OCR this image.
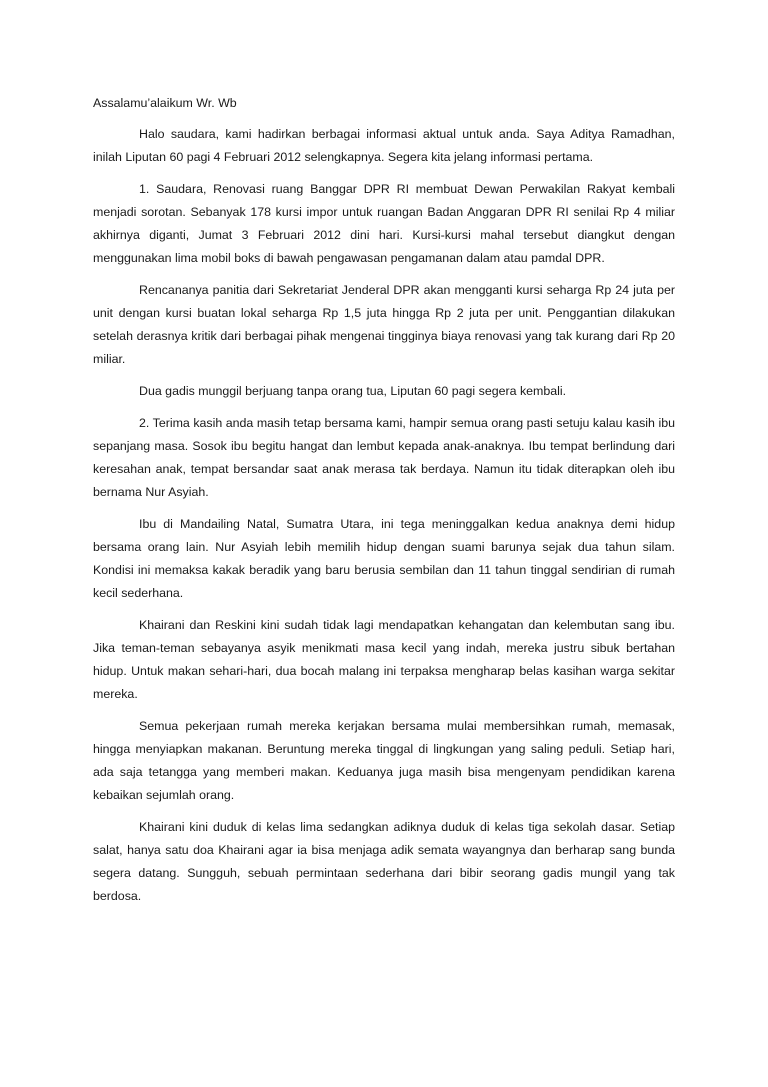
Assalamu’alaikum Wr. Wb

Halo saudara, kami hadirkan berbagai informasi aktual untuk anda. Saya Aditya Ramadhan, inilah Liputan 60 pagi 4 Februari 2012 selengkapnya. Segera kita jelang informasi pertama.

1. Saudara, Renovasi ruang Banggar DPR RI membuat Dewan Perwakilan Rakyat kembali menjadi sorotan. Sebanyak 178 kursi impor untuk ruangan Badan Anggaran DPR RI senilai Rp 4 miliar akhirnya diganti, Jumat 3 Februari 2012 dini hari. Kursi-kursi mahal tersebut diangkut dengan menggunakan lima mobil boks di bawah pengawasan pengamanan dalam atau pamdal DPR.

Rencananya panitia dari Sekretariat Jenderal DPR akan mengganti kursi seharga Rp 24 juta per unit dengan kursi buatan lokal seharga Rp 1,5 juta hingga Rp 2 juta per unit. Penggantian dilakukan setelah derasnya kritik dari berbagai pihak mengenai tingginya biaya renovasi yang tak kurang dari Rp 20 miliar.

Dua gadis munggil berjuang tanpa orang tua, Liputan 60 pagi segera kembali.

2. Terima kasih anda masih tetap bersama kami, hampir semua orang pasti setuju kalau kasih ibu sepanjang masa. Sosok ibu begitu hangat dan lembut kepada anak-anaknya. Ibu tempat berlindung dari keresahan anak, tempat bersandar saat anak merasa tak berdaya. Namun itu tidak diterapkan oleh ibu bernama Nur Asyiah.

Ibu di Mandailing Natal, Sumatra Utara, ini tega meninggalkan kedua anaknya demi hidup bersama orang lain. Nur Asyiah lebih memilih hidup dengan suami barunya sejak dua tahun silam. Kondisi ini memaksa kakak beradik yang baru berusia sembilan dan 11 tahun tinggal sendirian di rumah kecil sederhana.

Khairani dan Reskini kini sudah tidak lagi mendapatkan kehangatan dan kelembutan sang ibu. Jika teman-teman sebayanya asyik menikmati masa kecil yang indah, mereka justru sibuk bertahan hidup. Untuk makan sehari-hari, dua bocah malang ini terpaksa mengharap belas kasihan warga sekitar mereka.

Semua pekerjaan rumah mereka kerjakan bersama mulai membersihkan rumah, memasak, hingga menyiapkan makanan. Beruntung mereka tinggal di lingkungan yang saling peduli. Setiap hari, ada saja tetangga yang memberi makan. Keduanya juga masih bisa mengenyam pendidikan karena kebaikan sejumlah orang.

Khairani kini duduk di kelas lima sedangkan adiknya duduk di kelas tiga sekolah dasar. Setiap salat, hanya satu doa Khairani agar ia bisa menjaga adik semata wayangnya dan berharap sang bunda segera datang. Sungguh, sebuah permintaan sederhana dari bibir seorang gadis mungil yang tak berdosa.
